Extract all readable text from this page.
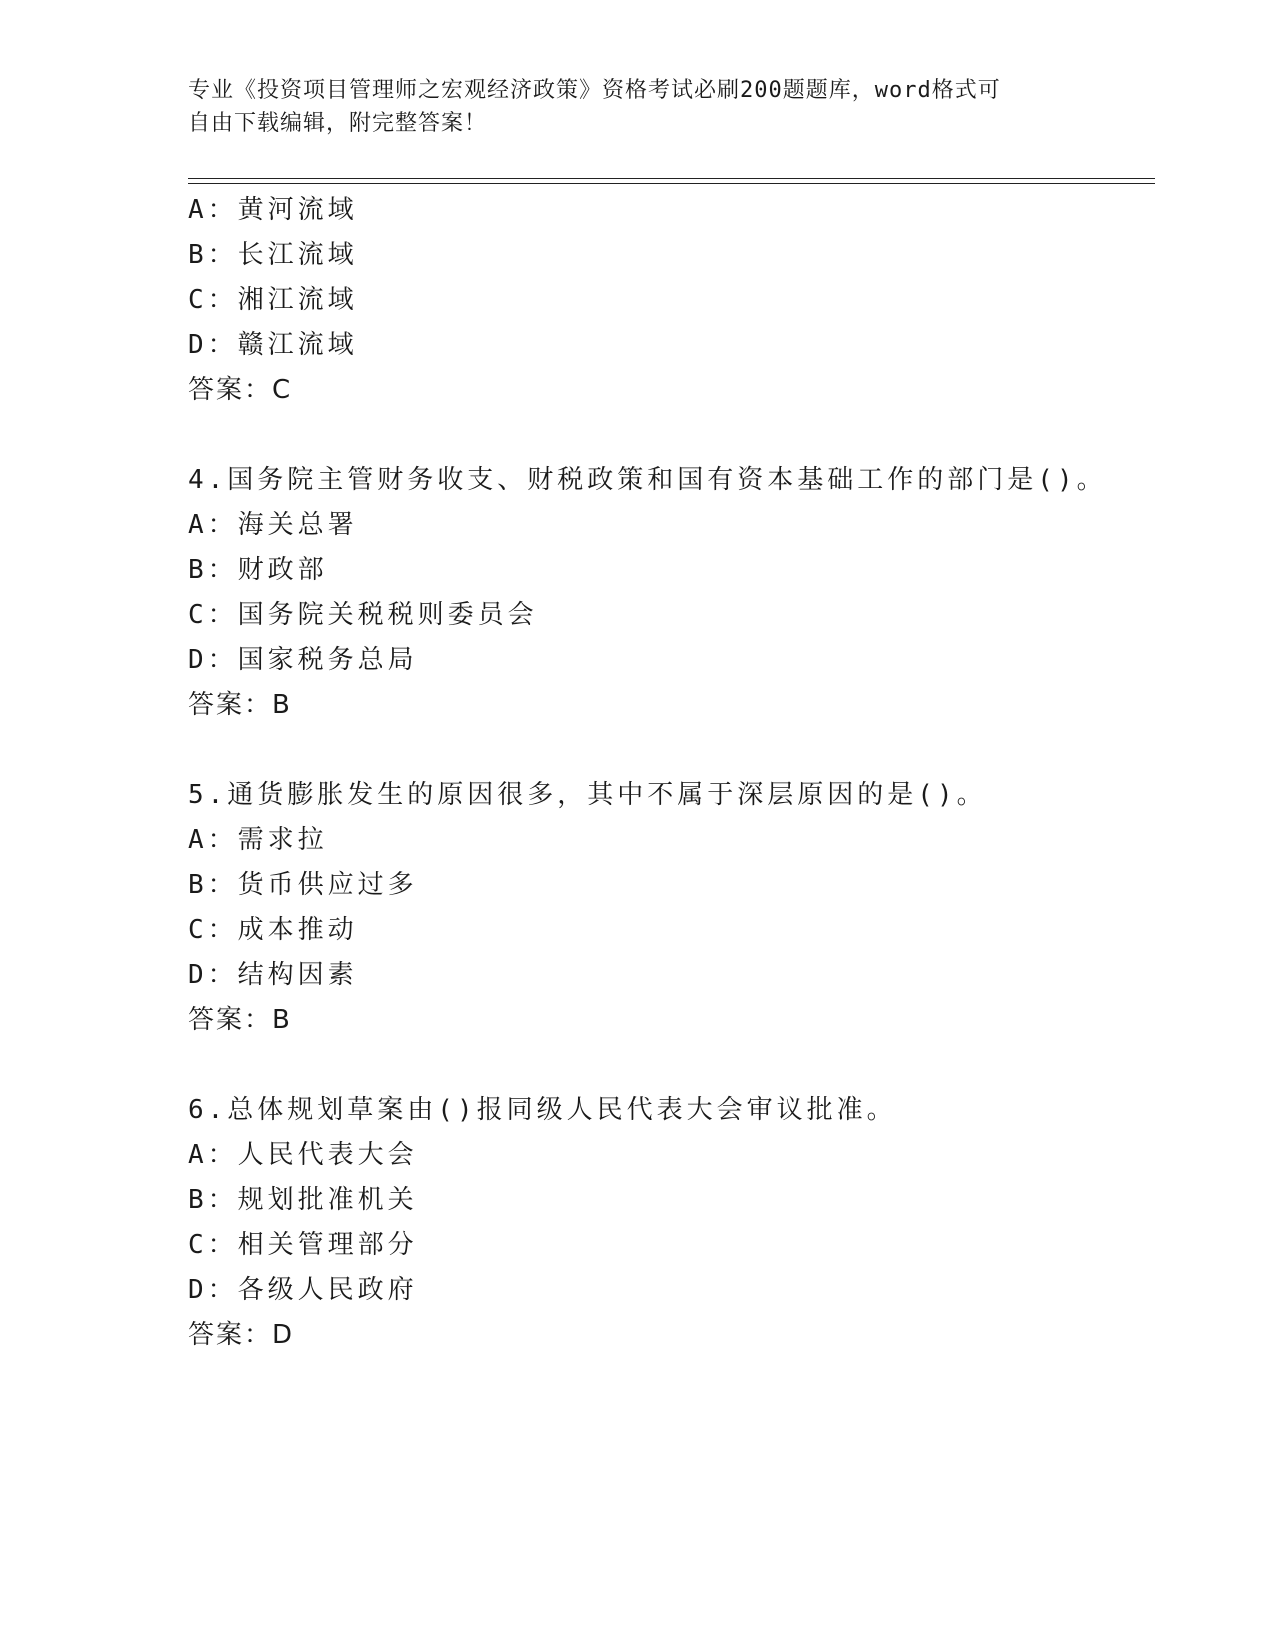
专业《投资项目管理师之宏观经济政策》资格考试必刷200题题库，word格式可
自由下载编辑，附完整答案！
A：黄河流域
B：长江流域
C：湘江流域
D：赣江流域
答案：C
4.国务院主管财务收支、财税政策和国有资本基础工作的部门是()。
A：海关总署
B：财政部
C：国务院关税税则委员会
D：国家税务总局
答案：B
5.通货膨胀发生的原因很多，其中不属于深层原因的是()。
A：需求拉
B：货币供应过多
C：成本推动
D：结构因素
答案：B
6.总体规划草案由()报同级人民代表大会审议批准。
A：人民代表大会
B：规划批准机关
C：相关管理部分
D：各级人民政府
答案：D
